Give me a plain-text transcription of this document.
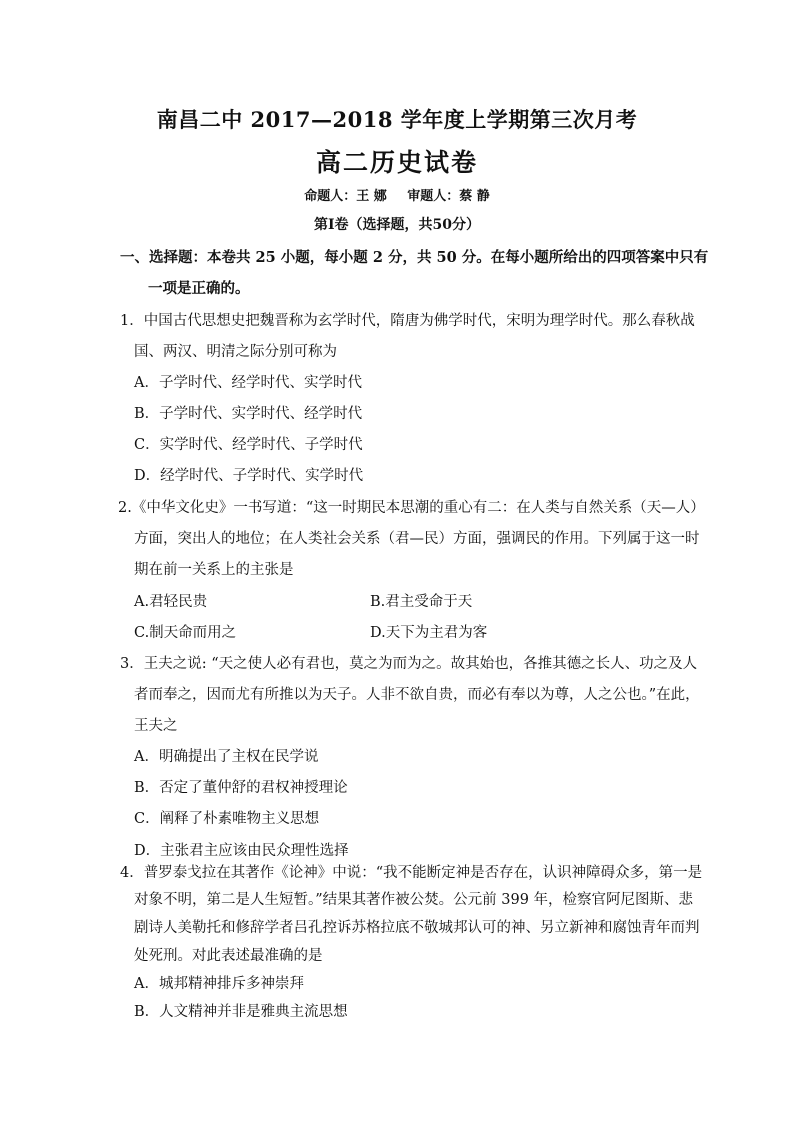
南昌二中 2017—2018 学年度上学期第三次月考
高二历史试卷
命题人：王 娜 审题人：蔡 静
第Ⅰ卷（选择题，共50分）
一、选择题：本卷共 25 小题，每小题 2 分，共 50 分。在每小题所给出的四项答案中只有
一项是正确的。
1．中国古代思想史把魏晋称为玄学时代，隋唐为佛学时代，宋明为理学时代。那么春秋战
国、两汉、明清之际分别可称为
A．子学时代、经学时代、实学时代
B．子学时代、实学时代、经学时代
C．实学时代、经学时代、子学时代
D．经学时代、子学时代、实学时代
2.《中华文化史》一书写道：“这一时期民本思潮的重心有二：在人类与自然关系（天—人）
方面，突出人的地位；在人类社会关系（君—民）方面，强调民的作用。下列属于这一时
期在前一关系上的主张是
A.君轻民贵	B.君主受命于天
C.制天命而用之	D.天下为主君为客
3．王夫之说: “天之使人必有君也，莫之为而为之。故其始也，各推其德之长人、功之及人
者而奉之，因而尤有所推以为天子。人非不欲自贵，而必有奉以为尊，人之公也。”在此，
王夫之
A．明确提出了主权在民学说
B．否定了董仲舒的君权神授理论
C．阐释了朴素唯物主义思想
D．主张君主应该由民众理性选择
4．普罗泰戈拉在其著作《论神》中说：“我不能断定神是否存在，认识神障碍众多，第一是
对象不明，第二是人生短暂。”结果其著作被公焚。公元前 399 年，检察官阿尼图斯、悲
剧诗人美勒托和修辞学者吕孔控诉苏格拉底不敬城邦认可的神、另立新神和腐蚀青年而判
处死刑。对此表述最准确的是
A．城邦精神排斥多神崇拜
B．人文精神并非是雅典主流思想
